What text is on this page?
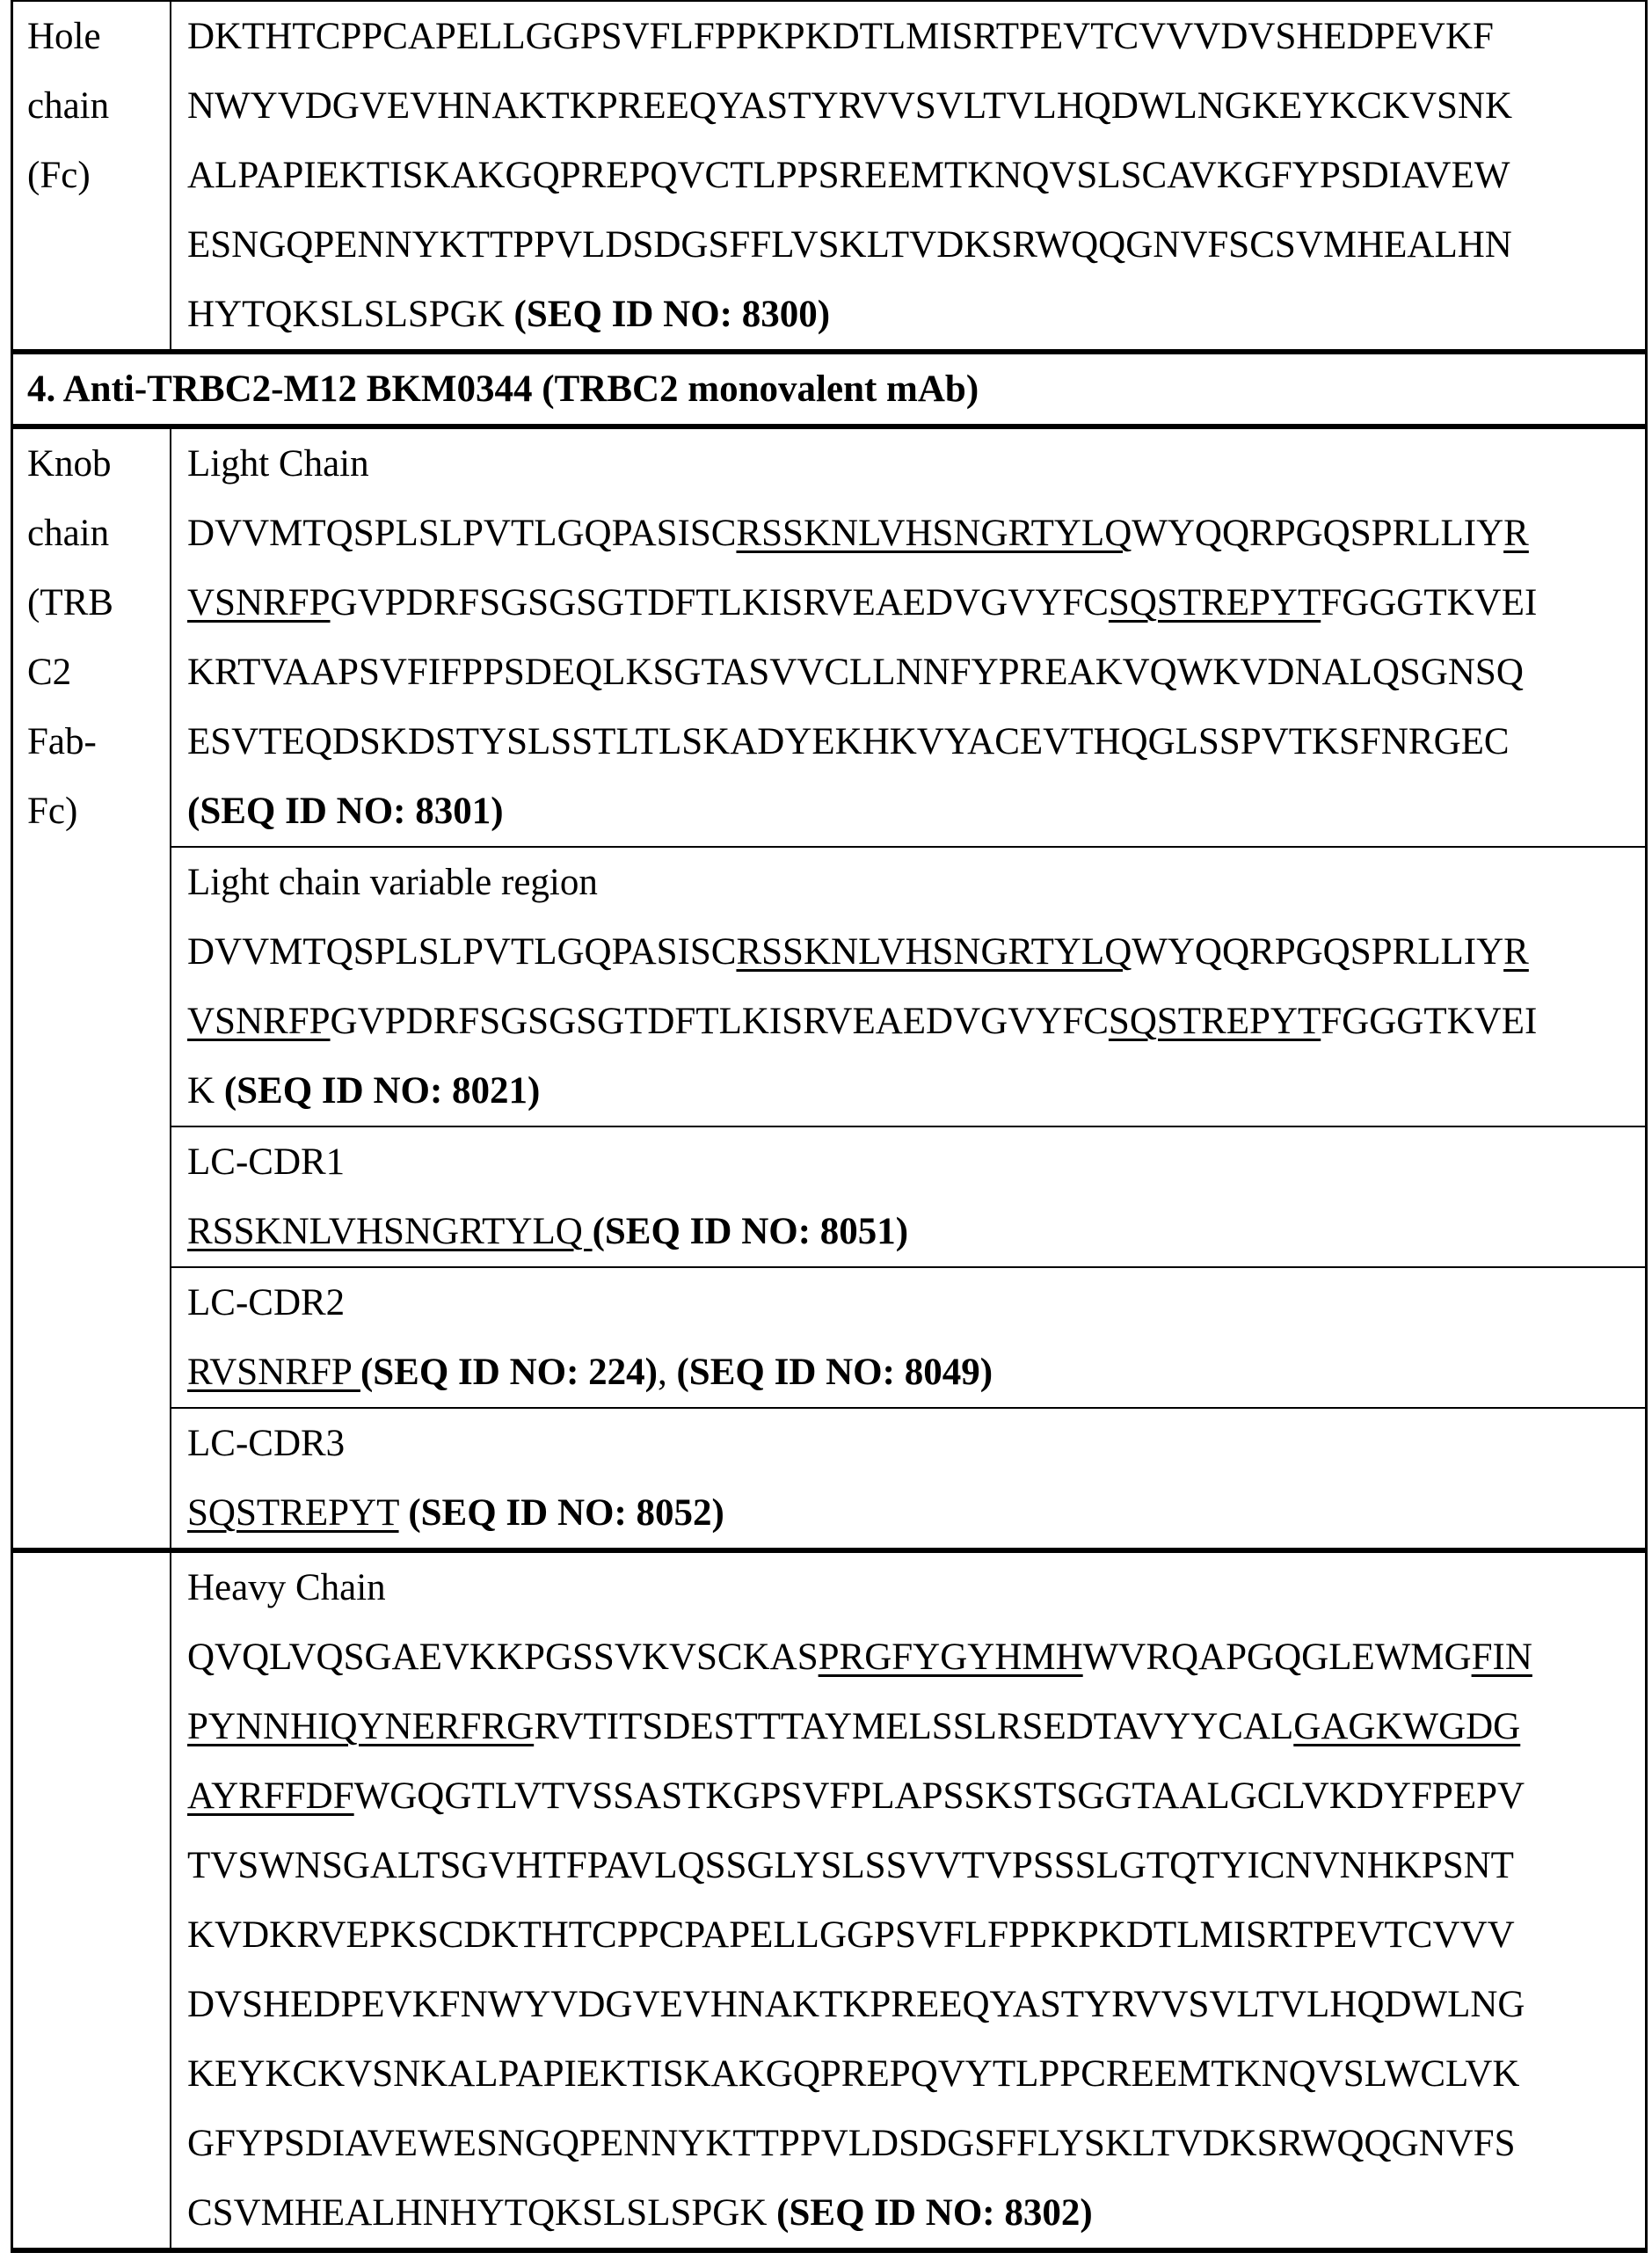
Hole
chain
(Fc)

DKTHTCPPCAPELLGGPSVFLFPPKPKDTLMISRTPEVTCVVVDVSHEDPEVKF
NWYVDGVEVHNAKTKPREEQYASTYRVVSVLTVLHQDWLNGKEYKCKVSNK
ALPAPIEKTISKAKGQPREPQVCTLPPSREEMTKNQVSLSCAVKGFYPSDIAVEW
ESNGQPENNYKTTPPVLDSDGSFFLVSKLTVDKSRWQQGNVFSCSVMHEALHN
HYTQKSLSLSPGK (SEQ ID NO: 8300)

4. Anti-TRBC2-M12 BKM0344 (TRBC2 monovalent mAb)

Knob
chain
(TRB
C2
Fab-
Fc)

Light Chain
DVVMTQSPLSLPVTLGQPASISCRSSKNLVHSNGRTYLQWYQQRPGQSPRLLIYR
VSNRFPGVPDRFSGSGSGTDFTLKISRVEAEDVGVYFCSQSTREPYTFGGGTKVEI
KRTVAAPSVFIFPPSDEQLKSGTASVVCLLNNFYPREAKVQWKVDNALQSGNSQ
ESVTEQDSKDSTYSLSSTLTLSKADYEKHKVYACEVTHQGLSSPVTKSFNRGEC
(SEQ ID NO: 8301)

Light chain variable region
DVVMTQSPLSLPVTLGQPASISCRSSKNLVHSNGRTYLQWYQQRPGQSPRLLIYR
VSNRFPGVPDRFSGSGSGTDFTLKISRVEAEDVGVYFCSQSTREPYTFGGGTKVEI
K (SEQ ID NO: 8021)

LC-CDR1
RSSKNLVHSNGRTYLQ (SEQ ID NO: 8051)

LC-CDR2
RVSNRFP (SEQ ID NO: 224), (SEQ ID NO: 8049)

LC-CDR3
SQSTREPYT (SEQ ID NO: 8052)

Heavy Chain
QVQLVQSGAEVKKPGSSVKVSCKASPRGFYGYHMHWVRQAPGQGLEWMGFIN
PYNNHIQYNERFRGRVTITSDESTTTAYMELSSLRSEDTAVYYCALGAGKWGDG
AYRFFDFWGQGTLVTVSSASTKGPSVFPLAPSSKSTSGGTAALGCLVKDYFPEPV
TVSWNSGALTSGVHTFPAVLQSSGLYSLSSVVTVPSSSLGTQTYICNVNHKPSNT
KVDKRVEPKSCDKTHTCPPCPAPELLGGPSVFLFPPKPKDTLMISRTPEVTCVVV
DVSHEDPEVKFNWYVDGVEVHNAKTKPREEQYASTYRVVSVLTVLHQDWLNG
KEYKCKVSNKALPAPIEKTISKAKGQPREPQVYTLPPCREEMTKNQVSLWCLVK
GFYPSDIAVEWESNGQPENNYKTTPPVLDSDGSFFLYSKLTVDKSRWQQGNVFS
CSVMHEALHNHYTQKSLSLSPGK (SEQ ID NO: 8302)
